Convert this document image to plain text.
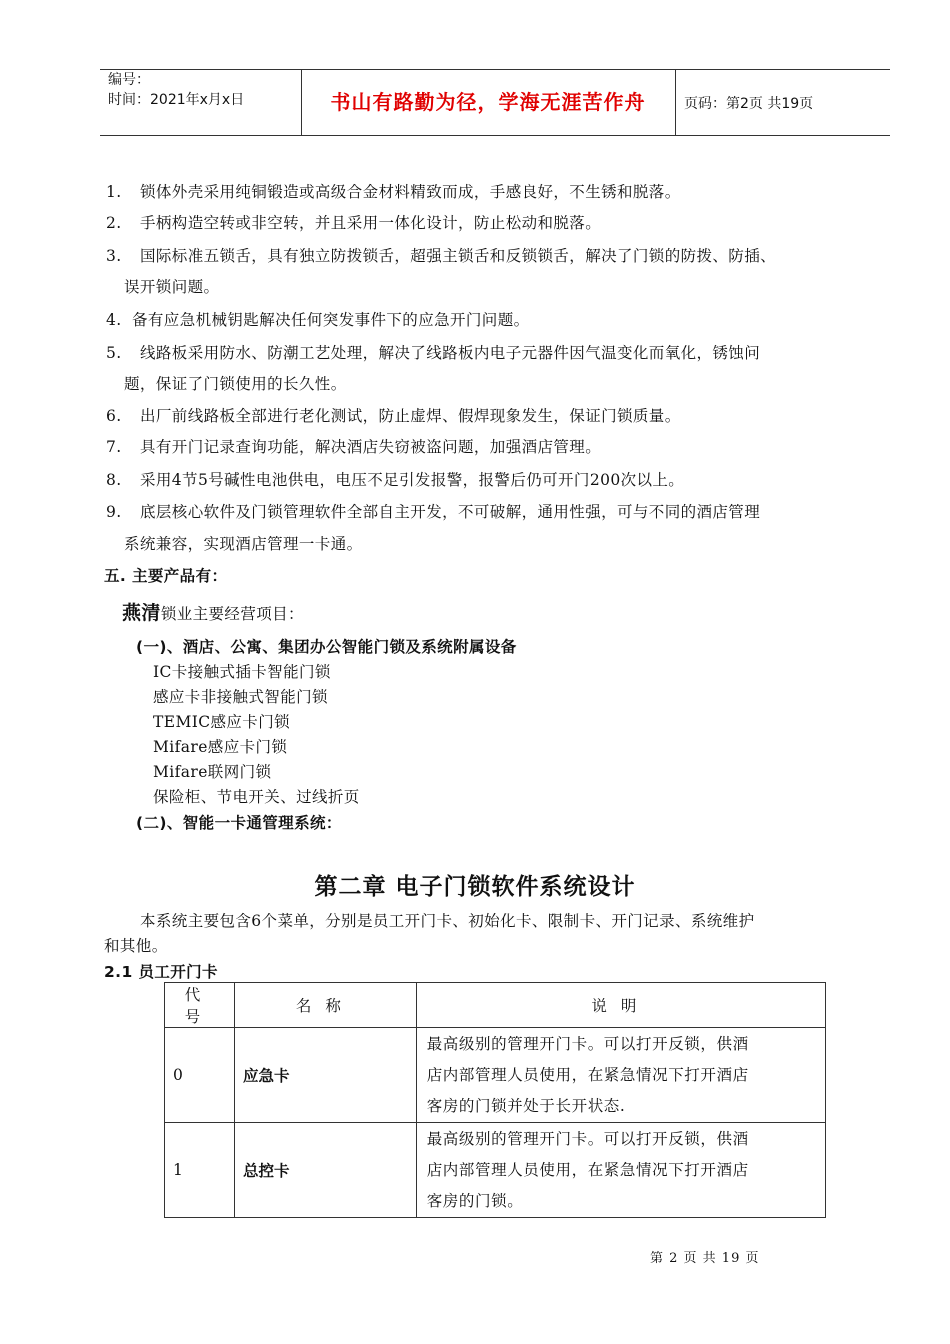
编号：
时间：2021年x月x日	书山有路勤为径，学海无涯苦作舟	页码：第2页 共19页
1. 锁体外壳采用纯铜锻造或高级合金材料精致而成，手感良好，不生锈和脱落。
2. 手柄构造空转或非空转，并且采用一体化设计，防止松动和脱落。
3. 国际标准五锁舌，具有独立防拨锁舌，超强主锁舌和反锁锁舌，解决了门锁的防拨、防插、
误开锁问题。
4. 备有应急机械钥匙解决任何突发事件下的应急开门问题。
5. 线路板采用防水、防潮工艺处理，解决了线路板内电子元器件因气温变化而氧化，锈蚀问
题，保证了门锁使用的长久性。
6. 出厂前线路板全部进行老化测试，防止虚焊、假焊现象发生，保证门锁质量。
7. 具有开门记录查询功能，解决酒店失窃被盗问题，加强酒店管理。
8. 采用4节5号碱性电池供电，电压不足引发报警，报警后仍可开门200次以上。
9. 底层核心软件及门锁管理软件全部自主开发，不可破解，通用性强，可与不同的酒店管理
系统兼容，实现酒店管理一卡通。
五. 主要产品有：
燕清锁业主要经营项目：
(一)、酒店、公寓、集团办公智能门锁及系统附属设备
IC卡接触式插卡智能门锁
感应卡非接触式智能门锁
TEMIC感应卡门锁
Mifare感应卡门锁
Mifare联网门锁
保险柜、节电开关、过线折页
(二)、智能一卡通管理系统：
第二章 电子门锁软件系统设计
本系统主要包含6个菜单，分别是员工开门卡、初始化卡、限制卡、开门记录、系统维护
和其他。
2.1 员工开门卡
代号	名称	说明
0	应急卡	最高级别的管理开门卡。可以打开反锁，供酒
店内部管理人员使用，在紧急情况下打开酒店
客房的门锁并处于长开状态.

1	总控卡	最高级别的管理开门卡。可以打开反锁，供酒
店内部管理人员使用，在紧急情况下打开酒店
客房的门锁。
第 2 页 共 19 页
